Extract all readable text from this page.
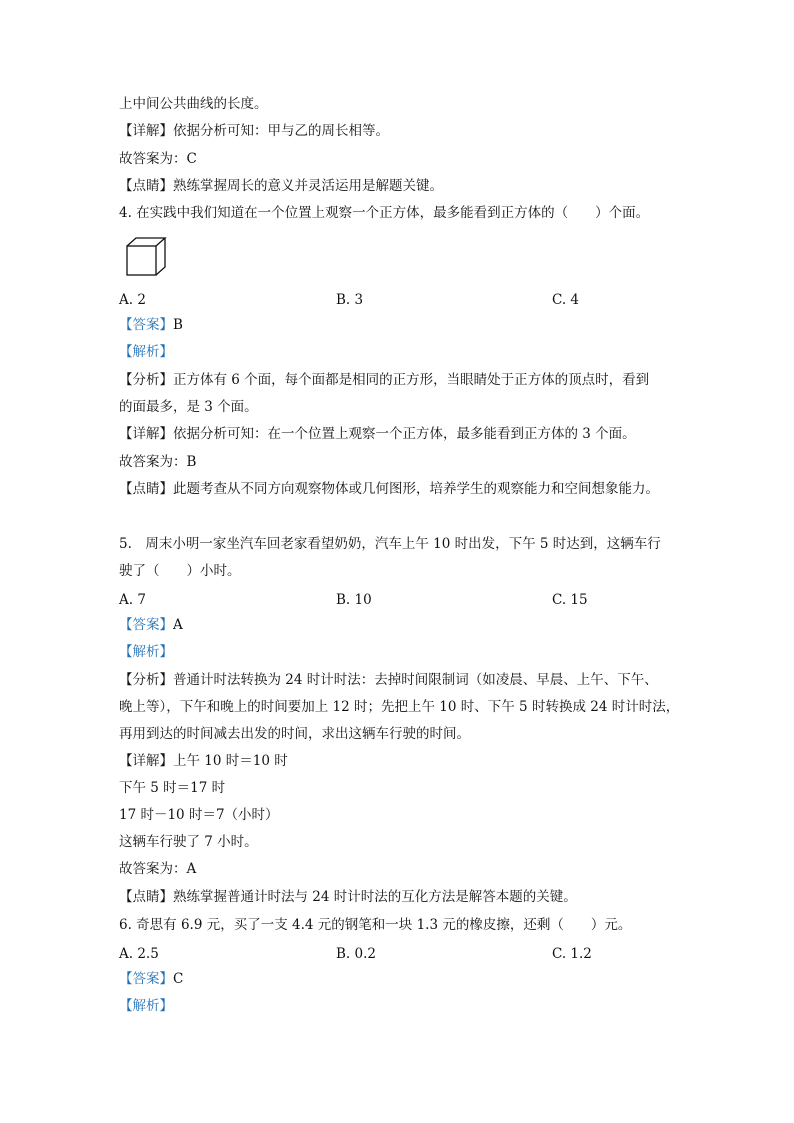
上中间公共曲线的长度。
【详解】依据分析可知：甲与乙的周长相等。
故答案为：C
【点睛】熟练掌握周长的意义并灵活运用是解题关键。
4. 在实践中我们知道在一个位置上观察一个正方体，最多能看到正方体的（　　）个面。
A. 2	B. 3	C. 4
【答案】B
【解析】
【分析】正方体有 6 个面，每个面都是相同的正方形，当眼睛处于正方体的顶点时，看到
的面最多，是 3 个面。
【详解】依据分析可知：在一个位置上观察一个正方体，最多能看到正方体的 3 个面。
故答案为：B
【点睛】此题考查从不同方向观察物体或几何图形，培养学生的观察能力和空间想象能力。
5.　周末小明一家坐汽车回老家看望奶奶，汽车上午 10 时出发，下午 5 时达到，这辆车行
驶了（　　）小时。
A. 7	B. 10	C. 15
【答案】A
【解析】
【分析】普通计时法转换为 24 时计时法：去掉时间限制词（如凌晨、早晨、上午、下午、
晚上等），下午和晚上的时间要加上 12 时；先把上午 10 时、下午 5 时转换成 24 时计时法，
再用到达的时间减去出发的时间，求出这辆车行驶的时间。
【详解】上午 10 时＝10 时
下午 5 时＝17 时
17 时－10 时＝7（小时）
这辆车行驶了 7 小时。
故答案为：A
【点睛】熟练掌握普通计时法与 24 时计时法的互化方法是解答本题的关键。
6. 奇思有 6.9 元，买了一支 4.4 元的钢笔和一块 1.3 元的橡皮擦，还剩（　　）元。
A. 2.5	B. 0.2	C. 1.2
【答案】C
【解析】
